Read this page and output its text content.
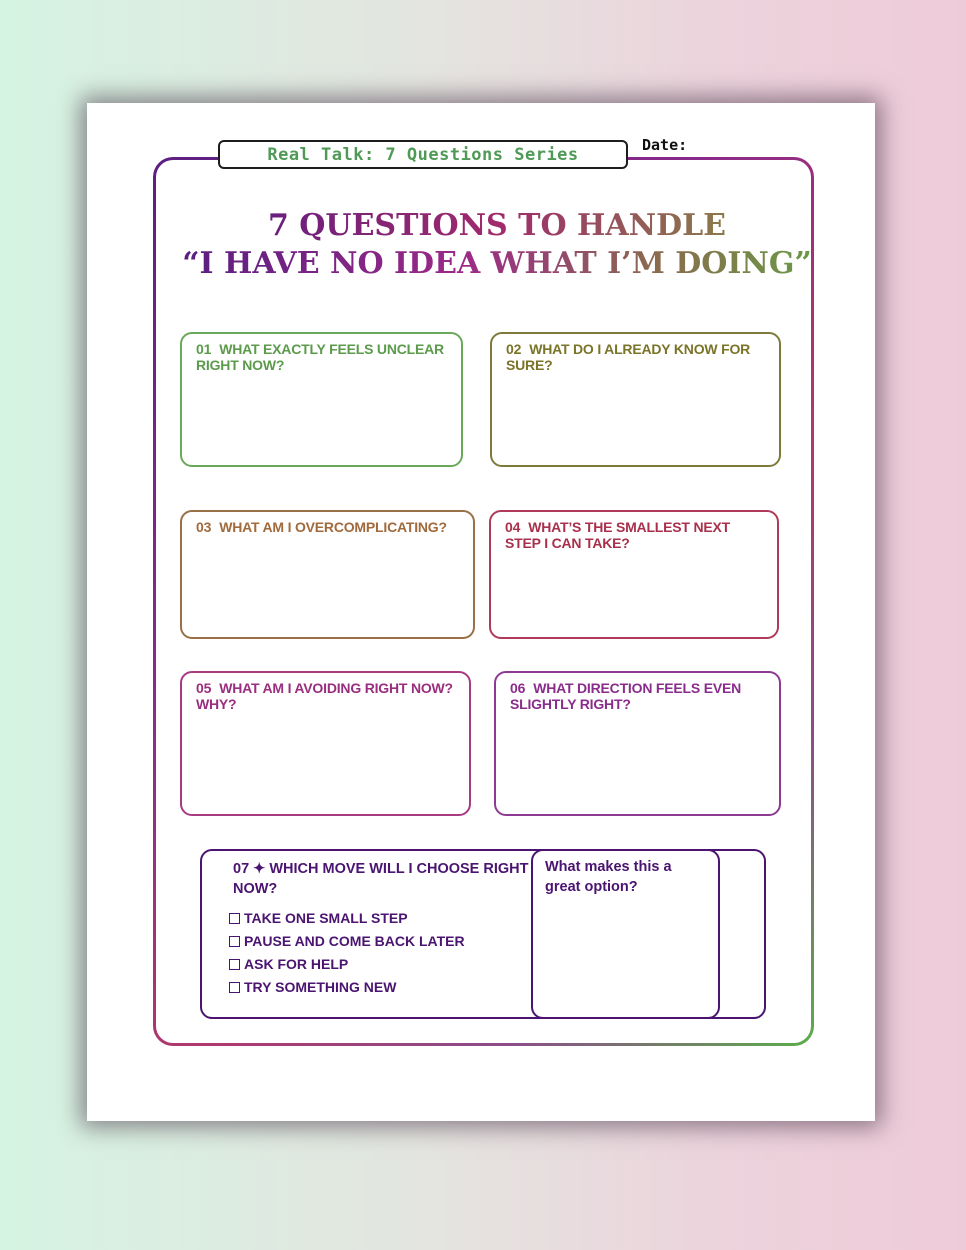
Real Talk: 7 Questions Series	Date:
7 QUESTIONS TO HANDLE
“I HAVE NO IDEA WHAT I’M DOING”
01 WHAT EXACTLY FEELS UNCLEAR RIGHT NOW?
02 WHAT DO I ALREADY KNOW FOR SURE?
03 WHAT AM I OVERCOMPLICATING?	04 WHAT’S THE SMALLEST NEXT STEP I CAN TAKE?
05 WHAT AM I AVOIDING RIGHT NOW? WHY?
06 WHAT DIRECTION FEELS EVEN SLIGHTLY RIGHT?
07 ✦ WHICH MOVE WILL I CHOOSE RIGHT NOW?
TAKE ONE SMALL STEP
PAUSE AND COME BACK LATER
ASK FOR HELP
TRY SOMETHING NEW
What makes this a great option?
